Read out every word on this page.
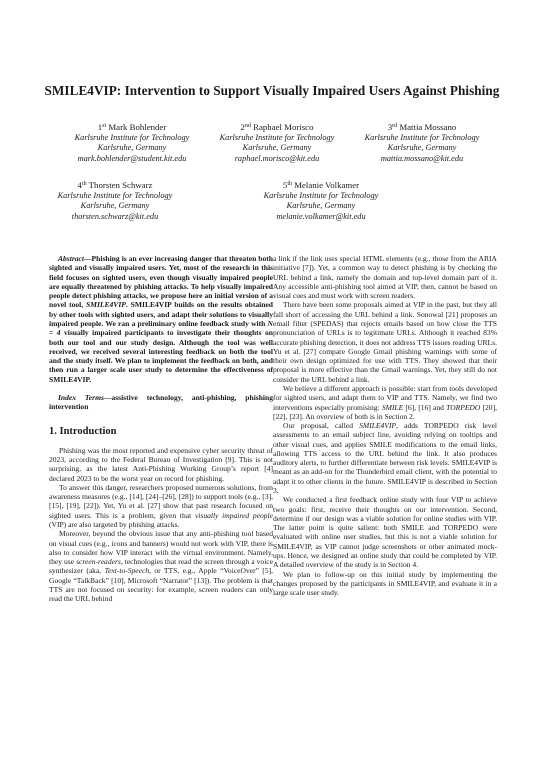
SMILE4VIP: Intervention to Support Visually Impaired Users Against Phishing
1st Mark Bohlender
Karlsruhe Institute for Technology
Karlsruhe, Germany
mark.bohlender@student.kit.edu
2nd Raphael Morisco
Karlsruhe Institute for Technology
Karlsruhe, Germany
raphael.morisco@kit.edu
3rd Mattia Mossano
Karlsruhe Institute for Technology
Karlsruhe, Germany
mattia.mossano@kit.edu
4th Thorsten Schwarz
Karlsruhe Institute for Technology
Karlsruhe, Germany
thorsten.schwarz@kit.edu
5th Melanie Volkamer
Karlsruhe Institute for Technology
Karlsruhe, Germany
melanie.volkamer@kit.edu

Abstract—Phishing is an ever increasing danger that threaten both sighted and visually impaired users. Yet, most of the research in this field focuses on sighted users, even though visually impaired people are equally threatened by phishing attacks. To help visually impaired people detect phishing attacks, we propose here an initial version of a novel tool, SMILE4VIP. SMILE4VIP builds on the results obtained by other tools with sighted users, and adapt their solutions to visually impaired people. We ran a preliminary online feedback study with N = 4 visually impaired participants to investigate their thoughts on both our tool and our study design. Although the tool was well received, we received several interesting feedback on both the tool and the study itself. We plan to implement the feedback on both, and then run a larger scale user study to determine the effectiveness of SMILE4VIP.

Index Terms—assistive technology, anti-phishing, phishing intervention

1. Introduction

Phishing was the most reported and expensive cyber security threat of 2023, according to the Federal Bureau of Investigation [9]. This is not surprising, as the latest Anti-Phishing Working Group’s report [4] declared 2023 to be the worst year on record for phishing.

To answer this danger, researchers proposed numerous solutions, from awareness measures (e.g., [14], [24]–[26], [28]) to support tools (e.g., [3], [15], [19], [22]). Yet, Yu et al. [27] show that past research focused on sighted users. This is a problem, given that visually impaired people (VIP) are also targeted by phishing attacks.

Moreover, beyond the obvious issue that any anti-phishing tool based on visual cues (e.g., icons and banners) would not work with VIP, there is also to consider how VIP interact with the virtual environment. Namely, they use screen-readers, technologies that read the screen through a voice synthesizer (aka, Text-to-Speech, or TTS, e.g., Apple “VoiceOver” [5], Google “TalkBack” [10], Microsoft “Narrator” [13]). The problem is that TTS are not focused on security: for example, screen readers can only read the URL behind

a link if the link uses special HTML elements (e.g., those from the ARIA initiative [7]). Yet, a common way to detect phishing is by checking the URL behind a link, namely the domain and top-level domain part of it. Any accessible anti-phishing tool aimed at VIP, then, cannot be based on visual cues and must work with screen readers.

There have been some proposals aimed at VIP in the past, but they all fall short of accessing the URL behind a link. Sonowal [21] proposes an email filter (SPEDAS) that rejects emails based on how close the TTS pronunciation of URLs is to legitimate URLs. Although it reached 83% accurate phishing detection, it does not address TTS issues reading URLs. Yu et al. [27] compare Google Gmail phishing warnings with some of their own design optimized for use with TTS. They showed that their proposal is more effective than the Gmail warnings. Yet, they still do not consider the URL behind a link.

We believe a different approach is possible: start from tools developed for sighted users, and adapt them to VIP and TTS. Namely, we find two interventions especially promising: SMILE [6], [16] and TORPEDO [20], [22], [23]. An overview of both is in Section 2.

Our proposal, called SMILE4VIP, adds TORPEDO risk level assessments to an email subject line, avoiding relying on tooltips and other visual cues, and applies SMILE modifications to the email links, allowing TTS access to the URL behind the link. It also produces auditory alerts, to further differentiate between risk levels. SMILE4VIP is meant as an add-on for the Thunderbird email client, with the potential to adapt it to other clients in the future. SMILE4VIP is described in Section 3.

We conducted a first feedback online study with four VIP to achieve two goals: first, receive their thoughts on our intervention. Second, determine if our design was a viable solution for online studies with VIP. The latter point is quite salient: both SMILE and TORPEDO were evaluated with online user studies, but this is not a viable solution for SMILE4VIP, as VIP cannot judge screenshots or other animated mock-ups. Hence, we designed an online study that could be completed by VIP. A detailed overview of the study is in Section 4.

We plan to follow-up on this initial study by implementing the changes proposed by the participants in SMILE4VIP, and evaluate it in a large scale user study.
